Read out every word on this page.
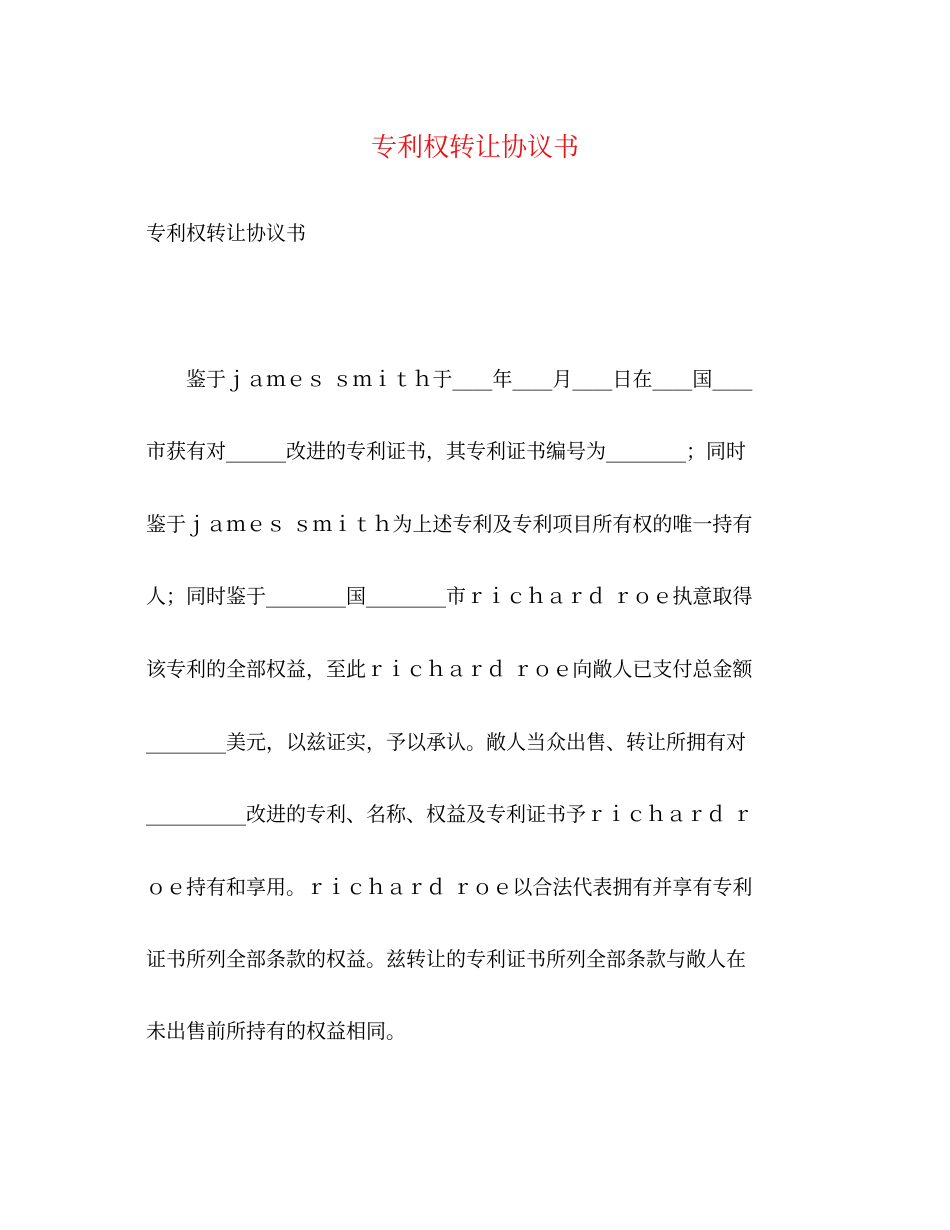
专利权转让协议书
专利权转让协议书
　　鉴于ｊａｍｅｓ ｓｍｉｔｈ于____年____月____日在____国____
市获有对______改进的专利证书，其专利证书编号为________；同时
鉴于ｊａｍｅｓ ｓｍｉｔｈ为上述专利及专利项目所有权的唯一持有
人；同时鉴于________国________市ｒｉｃｈａｒｄ ｒｏｅ执意取得
该专利的全部权益，至此ｒｉｃｈａｒｄ ｒｏｅ向敞人已支付总金额
________美元，以兹证实，予以承认。敞人当众出售、转让所拥有对
__________改进的专利、名称、权益及专利证书予ｒｉｃｈａｒｄ ｒ
ｏｅ持有和享用。ｒｉｃｈａｒｄ ｒｏｅ以合法代表拥有并享有专利
证书所列全部条款的权益。兹转让的专利证书所列全部条款与敞人在
未出售前所持有的权益相同。
